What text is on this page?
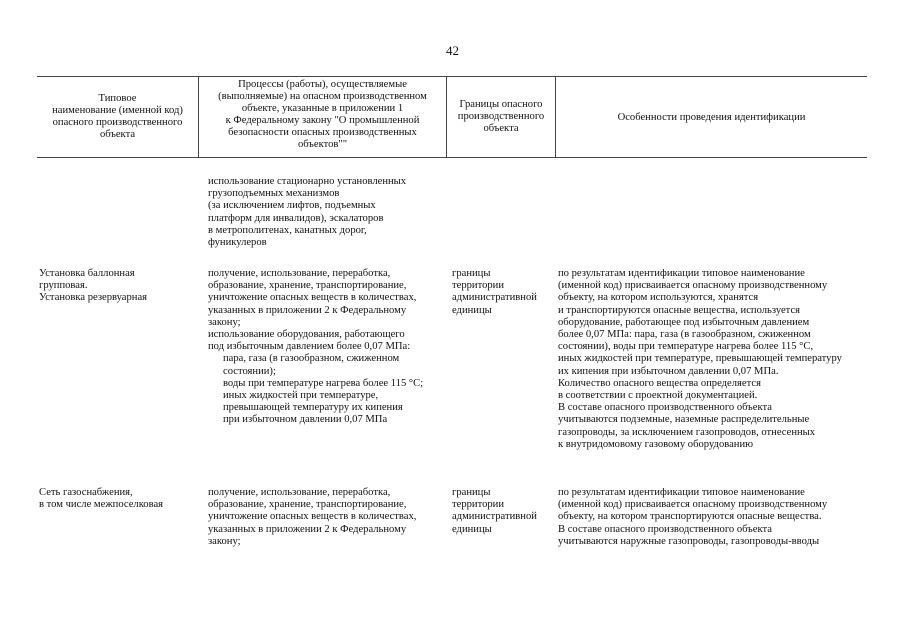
42
Типовое
наименование (именной код)
опасного производственного
объекта
Процессы (работы), осуществляемые
(выполняемые) на опасном производственном
объекте, указанные в приложении 1
к Федеральному закону "О промышленной
безопасности опасных производственных
объектов""
Границы опасного
производственного
объекта
Особенности проведения идентификации
использование стационарно установленных
грузоподъемных механизмов
(за исключением лифтов, подъемных
платформ для инвалидов), эскалаторов
в метрополитенах, канатных дорог,
фуникулеров
Установка баллонная
групповая.
Установка резервуарная
получение, использование, переработка,
образование, хранение, транспортирование,
уничтожение опасных веществ в количествах,
указанных в приложении 2 к Федеральному
закону;
использование оборудования, работающего
под избыточным давлением более 0,07 МПа:
пара, газа (в газообразном, сжиженном
состоянии);
воды при температуре нагрева более 115 °С;
иных жидкостей при температуре,
превышающей температуру их кипения
при избыточном давлении 0,07 МПа
границы
территории
административной
единицы
по результатам идентификации типовое наименование
(именной код) присваивается опасному производственному
объекту, на котором используются, хранятся
и транспортируются опасные вещества, используется
оборудование, работающее под избыточным давлением
более 0,07 МПа: пара, газа (в газообразном, сжиженном
состоянии), воды при температуре нагрева более 115 °С,
иных жидкостей при температуре, превышающей температуру
их кипения при избыточном давлении 0,07 МПа.
Количество опасного вещества определяется
в соответствии с проектной документацией.
В составе опасного производственного объекта
учитываются подземные, наземные распределительные
газопроводы, за исключением газопроводов, отнесенных
к внутридомовому газовому оборудованию
Сеть газоснабжения,
в том числе межпоселковая
получение, использование, переработка,
образование, хранение, транспортирование,
уничтожение опасных веществ в количествах,
указанных в приложении 2 к Федеральному
закону;
границы
территории
административной
единицы
по результатам идентификации типовое наименование
(именной код) присваивается опасному производственному
объекту, на котором транспортируются опасные вещества.
В составе опасного производственного объекта
учитываются наружные газопроводы, газопроводы-вводы
